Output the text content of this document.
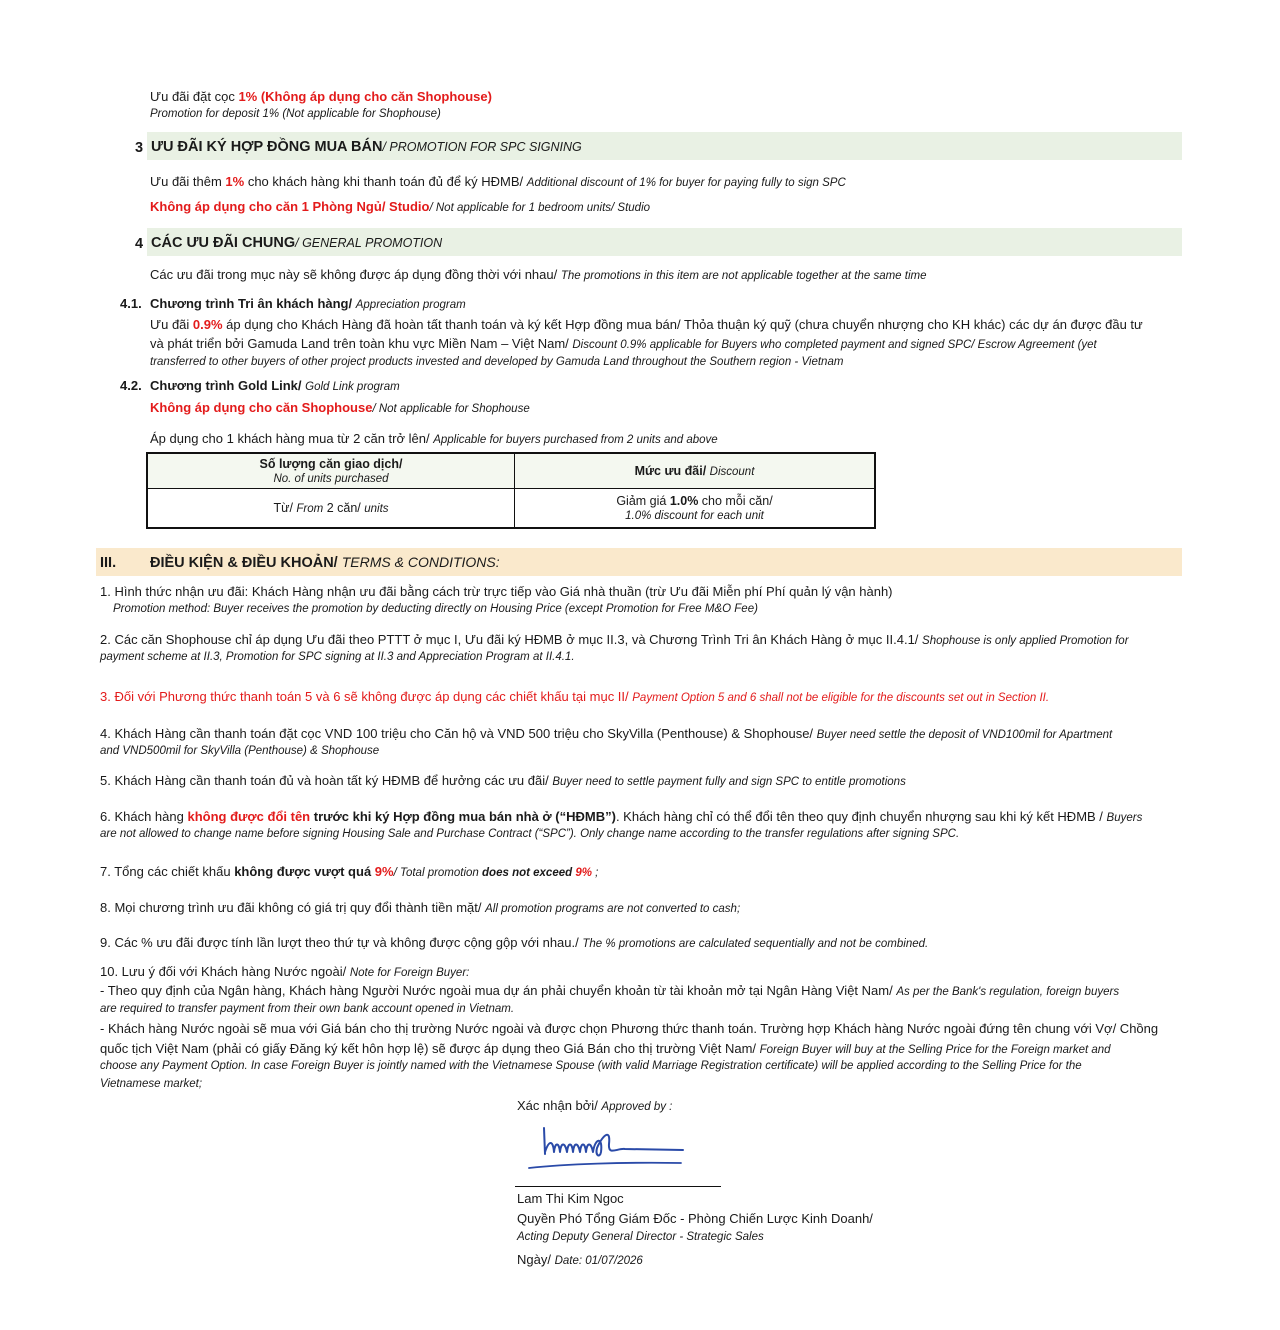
Ưu đãi đặt cọc 1% (Không áp dụng cho căn Shophouse)
Promotion for deposit 1% (Not applicable for Shophouse)
3 ƯU ĐÃI KÝ HỢP ĐỒNG MUA BÁN/ PROMOTION FOR SPC SIGNING
Ưu đãi thêm 1% cho khách hàng khi thanh toán đủ để ký HĐMB/ Additional discount of 1% for buyer for paying fully to sign SPC
Không áp dụng cho căn 1 Phòng Ngủ/ Studio/ Not applicable for 1 bedroom units/ Studio
4 CÁC ƯU ĐÃI CHUNG/ GENERAL PROMOTION
Các ưu đãi trong mục này sẽ không được áp dụng đồng thời với nhau/ The promotions in this item are not applicable together at the same time
4.1. Chương trình Tri ân khách hàng/ Appreciation program
Ưu đãi 0.9% áp dụng cho Khách Hàng đã hoàn tất thanh toán và ký kết Hợp đồng mua bán/ Thỏa thuận ký quỹ (chưa chuyển nhượng cho KH khác) các dự án được đầu tư
và phát triển bởi Gamuda Land trên toàn khu vực Miền Nam – Việt Nam/ Discount 0.9% applicable for Buyers who completed payment and signed SPC/ Escrow Agreement (yet
transferred to other buyers of other project products invested and developed by Gamuda Land throughout the Southern region - Vietnam
4.2. Chương trình Gold Link/ Gold Link program
Không áp dụng cho căn Shophouse/ Not applicable for Shophouse
Áp dụng cho 1 khách hàng mua từ 2 căn trở lên/ Applicable for buyers purchased from 2 units and above
Số lượng căn giao dịch/
No. of units purchased	Mức ưu đãi/ Discount
Từ/ From 2 căn/ units	Giảm giá 1.0% cho mỗi căn/
1.0% discount for each unit
III. ĐIỀU KIỆN & ĐIỀU KHOẢN/ TERMS & CONDITIONS:
1. Hình thức nhận ưu đãi: Khách Hàng nhận ưu đãi bằng cách trừ trực tiếp vào Giá nhà thuần (trừ Ưu đãi Miễn phí Phí quản lý vận hành)
Promotion method: Buyer receives the promotion by deducting directly on Housing Price (except Promotion for Free M&O Fee)
2. Các căn Shophouse chỉ áp dụng Ưu đãi theo PTTT ở mục I, Ưu đãi ký HĐMB ở mục II.3, và Chương Trình Tri ân Khách Hàng ở mục II.4.1/ Shophouse is only applied Promotion for
payment scheme at II.3, Promotion for SPC signing at II.3 and Appreciation Program at II.4.1.
3. Đối với Phương thức thanh toán 5 và 6 sẽ không được áp dụng các chiết khấu tại mục II/ Payment Option 5 and 6 shall not be eligible for the discounts set out in Section II.
4. Khách Hàng cần thanh toán đặt cọc VND 100 triệu cho Căn hộ và VND 500 triệu cho SkyVilla (Penthouse) & Shophouse/ Buyer need settle the deposit of VND100mil for Apartment
and VND500mil for SkyVilla (Penthouse) & Shophouse
5. Khách Hàng cần thanh toán đủ và hoàn tất ký HĐMB để hưởng các ưu đãi/ Buyer need to settle payment fully and sign SPC to entitle promotions
6. Khách hàng không được đổi tên trước khi ký Hợp đồng mua bán nhà ở (“HĐMB”). Khách hàng chỉ có thể đổi tên theo quy định chuyển nhượng sau khi ký kết HĐMB / Buyers
are not allowed to change name before signing Housing Sale and Purchase Contract (“SPC”). Only change name according to the transfer regulations after signing SPC.
7. Tổng các chiết khấu không được vượt quá 9%/ Total promotion does not exceed 9% ;
8. Mọi chương trình ưu đãi không có giá trị quy đổi thành tiền mặt/ All promotion programs are not converted to cash;
9. Các % ưu đãi được tính lần lượt theo thứ tự và không được cộng gộp với nhau./ The % promotions are calculated sequentially and not be combined.
10. Lưu ý đối với Khách hàng Nước ngoài/ Note for Foreign Buyer:
- Theo quy định của Ngân hàng, Khách hàng Người Nước ngoài mua dự án phải chuyển khoản từ tài khoản mở tại Ngân Hàng Việt Nam/ As per the Bank's regulation, foreign buyers
are required to transfer payment from their own bank account opened in Vietnam.
- Khách hàng Nước ngoài sẽ mua với Giá bán cho thị trường Nước ngoài và được chọn Phương thức thanh toán. Trường hợp Khách hàng Nước ngoài đứng tên chung với Vợ/ Chồng
quốc tịch Việt Nam (phải có giấy Đăng ký kết hôn hợp lệ) sẽ được áp dụng theo Giá Bán cho thị trường Việt Nam/ Foreign Buyer will buy at the Selling Price for the Foreign market and
choose any Payment Option. In case Foreign Buyer is jointly named with the Vietnamese Spouse (with valid Marriage Registration certificate) will be applied according to the Selling Price for the
Vietnamese market;
Xác nhận bởi/ Approved by :
Lam Thi Kim Ngoc
Quyền Phó Tổng Giám Đốc - Phòng Chiến Lược Kinh Doanh/
Acting Deputy General Director - Strategic Sales
Ngày/ Date: 01/07/2026
